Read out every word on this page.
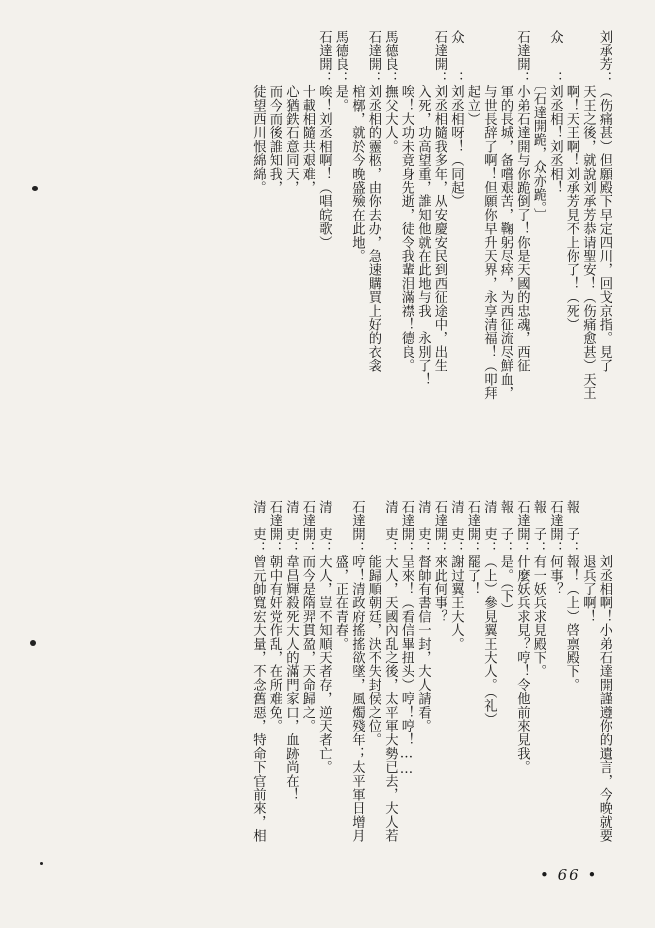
刘承芳：（伤痛甚）但願殿下早定四川，回戈京指。見了
　　　　天王之後，就說刘承芳恭请聖安！（伤痛愈甚）天王
　　　　啊！天王啊！刘承芳見不上你了！（死）
众　　：刘丞相！刘丞相！
　　　　〔石達開跪，众亦跪。〕
石達開：小弟石達開与你跪倒了！你是天國的忠魂，西征
　　　　軍的長城，备嚐艰苦，鞠躬尽瘁，为西征流尽鮮血，
　　　　与世長辞了啊！但願你早升天界，永享清福！（叩拜
　　　　起立）
众　　：刘丞相呀！（同起）
石達開：刘丞相隨我多年，从安慶安民到西征途中，出生
　　　　入死，功高望重，誰知他就在此地与我　永別了！
　　　　唉！大功未竟身先逝，徒令我輩泪滿襟！德良。
馬德良：撫父大人。
石達開：刘丞相的靈柩，由你去办，急速購買上好的衣衾
　　　　棺槨，就於今晚盛殮在此地。
馬德良：是。
石達開：唉！刘丞相啊！（唱皖歌）
　　　　十載相隨共艰难，
　　　　心猶鉄石意同天，
　　　　而今而後誰知我，
　　　　徒望西川恨綿綿。
　　　　刘丞相啊！小弟石達開謹遵你的遺言，今晚就要
　　　　退兵了啊！
報　子：報！（上）啓禀殿下。
石達開：何事？
報　子：有一妖兵求見殿下。
石達開：什麼妖兵求見？哼！令他前來見我。
報　子：是。（下）
清　吏：（上）參見翼王大人。（礼）
石達開：罷了！
清　吏：謝过翼王大人。
石達開：來此何事？
清　吏：督帥有書信一封，大人請看。
石達開：呈來！（看信畢扭头）哼！哼！……
清　吏：大人，天國內乱之後，太平軍大勢已去，大人若
　　　　能歸順朝廷，決不失封侯之位。
石達開：哼！清政府搖搖欲墜，風燭殘年；太平軍日增月
　　　　盛，正在青春。
清　吏：大人，豈不知順天者存，逆天者亡。
石達開：而今是隋羿貫盈，天命歸之。
清　吏：韋昌輝殺死大人的滿門家口，血跡尚在！
石達開：朝中有奸党作乱，在所难免。
清　吏：曾元帥寬宏大量，不念舊惡，特命下官前來，相
• 66 •
